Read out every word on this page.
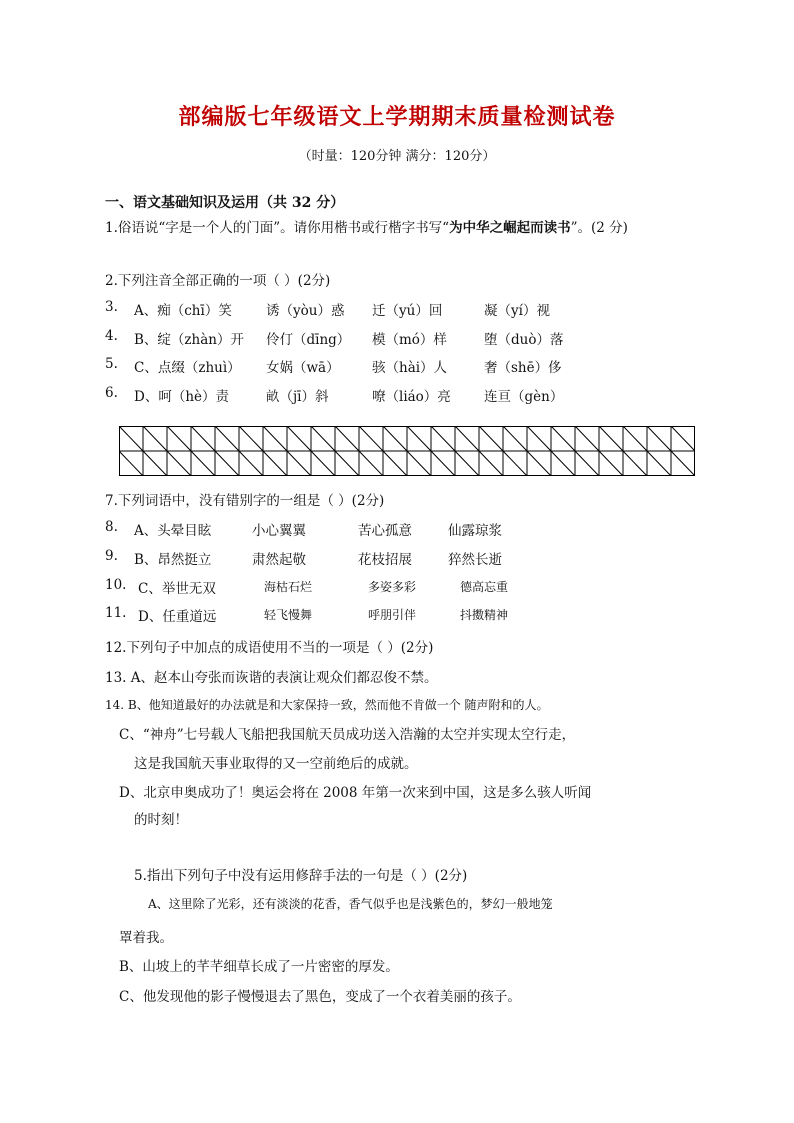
部编版七年级语文上学期期末质量检测试卷
（时量：120分钟 满分：120分）
一、语文基础知识及运用（共 32 分）
1.俗语说“字是一个人的门面”。请你用楷书或行楷字书写“为中华之崛起而读书”。(2 分)
2.下列注音全部正确的一项（ ）(2分)
3. A、痴（chī）笑	诱（yòu）惑 迁（yú）回	凝（yí）视
4. B、绽（zhàn）开 伶仃（dīng） 模（mó）样	堕（duò）落
5. C、点缀（zhuì） 女娲（wā） 骇（hài）人	奢（shē）侈
6. D、呵（hè）责	畝（jī）斜	嘹（liáo）亮 连亘（gèn）
7.下列词语中，没有错别字的一组是（ ）(2分)
8. A、头晕目眩	小心翼翼	苦心孤意	仙露琼浆
9. B、昂然挺立	肃然起敬	花枝招展	猝然长逝
10. C、举世无双	海枯石烂	多姿多彩	德高忘重
11. D、任重道远	轻飞慢舞	呼朋引伴	抖擞精神
12.下列句子中加点的成语使用不当的一项是（ ）(2分)
13. A、赵本山夸张而诙谐的表演让观众们都忍俊不禁。
14. B、他知道最好的办法就是和大家保持一致，然而他不肯做一个 随声附和的人。
C、“神舟”七号载人飞船把我国航天员成功送入浩瀚的太空并实现太空行走，
这是我国航天事业取得的又一空前绝后的成就。
D、北京申奥成功了！奥运会将在 2008 年第一次来到中国，这是多么骇人听闻
的时刻！
5.指出下列句子中没有运用修辞手法的一句是（ ）(2分)
A、这里除了光彩，还有淡淡的花香，香气似乎也是浅紫色的，梦幻一般地笼
罩着我。
B、山坡上的芊芊细草长成了一片密密的厚发。
C、他发现他的影子慢慢退去了黑色，变成了一个衣着美丽的孩子。
